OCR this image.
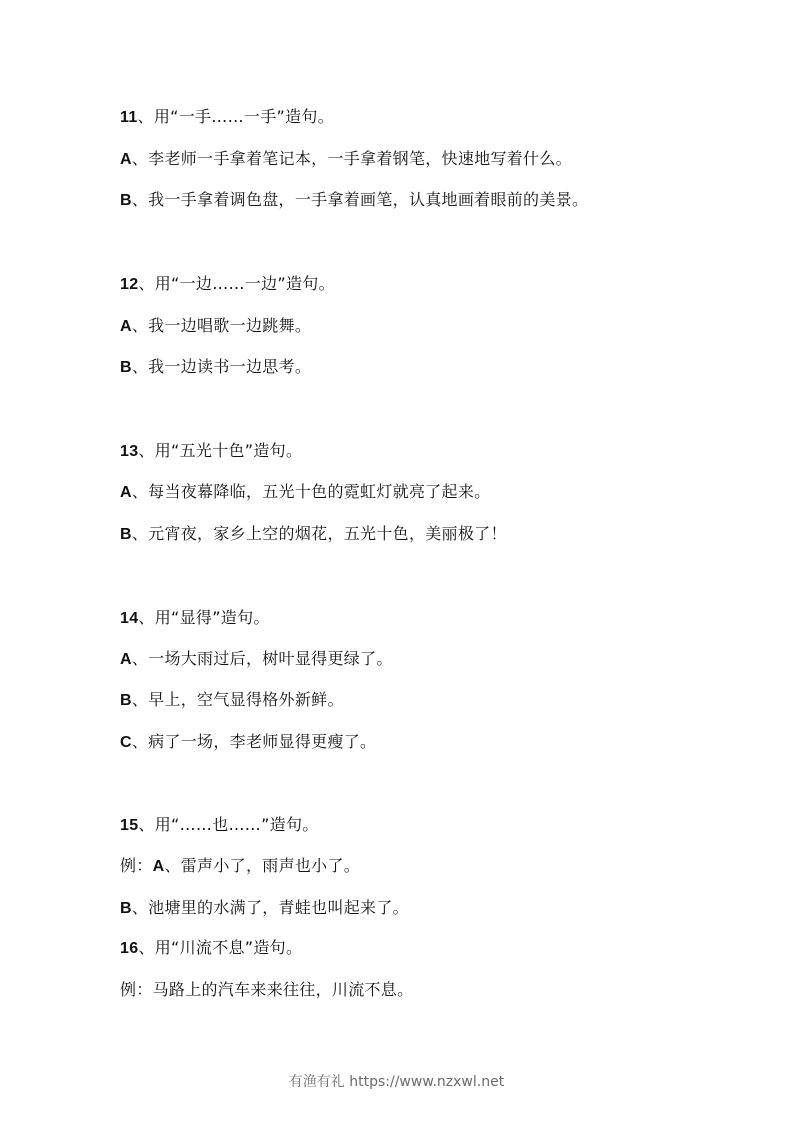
11、用“一手……一手”造句。
A、李老师一手拿着笔记本，一手拿着钢笔，快速地写着什么。
B、我一手拿着调色盘，一手拿着画笔，认真地画着眼前的美景。
12、用“一边……一边”造句。
A、我一边唱歌一边跳舞。
B、我一边读书一边思考。
13、用“五光十色”造句。
A、每当夜幕降临，五光十色的霓虹灯就亮了起来。
B、元宵夜，家乡上空的烟花，五光十色，美丽极了！
14、用“显得”造句。
A、一场大雨过后，树叶显得更绿了。
B、早上，空气显得格外新鲜。
C、病了一场，李老师显得更瘦了。
15、用“……也……”造句。
例：A、雷声小了，雨声也小了。
B、池塘里的水满了，青蛙也叫起来了。
16、用“川流不息”造句。
例：马路上的汽车来来往往，川流不息。
有渔有礼 https://www.nzxwl.net
